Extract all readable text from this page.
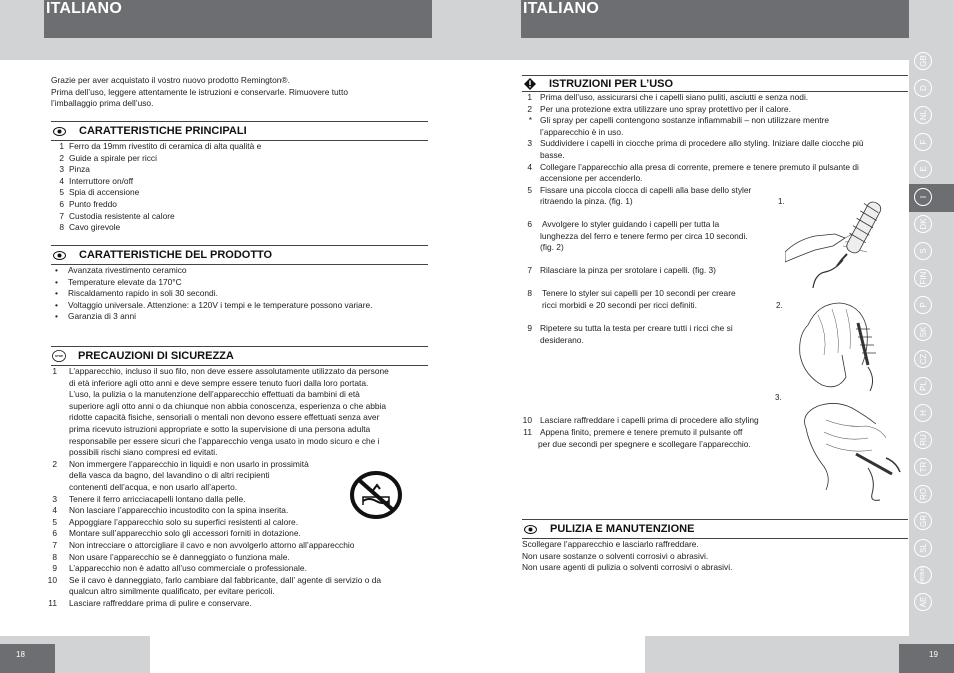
ITALIANO	ITALIANO
18	19
GB
D
NL
F
E
I
DK
S
FIN
P
SK
CZ
PL
H
RU
TR
RO
GR
SL
HR/BiH
AE
Grazie per aver acquistato il vostro nuovo prodotto Remington®.
Prima dell’uso, leggere attentamente le istruzioni e conservarle. Rimuovere tutto
l’imballaggio prima dell’uso.
CARATTERISTICHE PRINCIPALI
1 Ferro da 19mm rivestito di ceramica di alta qualità e
2 Guide a spirale per ricci
3 Pinza
4 Interruttore on/off
5 Spia di accensione
6 Punto freddo
7 Custodia resistente al calore
8 Cavo girevole
CARATTERISTICHE DEL PRODOTTO
• Avanzata rivestimento ceramico
• Temperature elevate da 170°C
• Riscaldamento rapido in soli 30 secondi.
• Voltaggio universale. Attenzione: a 120V i tempi e le temperature possono variare.
• Garanzia di 3 anni
STOP PRECAUZIONI DI SICUREZZA
1 L’apparecchio, incluso il suo filo, non deve essere assolutamente utilizzato da persone
di età inferiore agli otto anni e deve sempre essere tenuto fuori dalla loro portata.
L’uso, la pulizia o la manutenzione dell’apparecchio effettuati da bambini di età
superiore agli otto anni o da chiunque non abbia conoscenza, esperienza o che abbia
ridotte capacità fisiche, sensoriali o mentali non devono essere effettuati senza aver
prima ricevuto istruzioni appropriate e sotto la supervisione di una persona adulta
responsabile per essere sicuri che l’apparecchio venga usato in modo sicuro e che i
possibili rischi siano compresi ed evitati.
2 Non immergere l’apparecchio in liquidi e non usarlo in prossimità
della vasca da bagno, del lavandino o di altri recipienti
contenenti dell’acqua, e non usarlo all’aperto.
3 Tenere il ferro arricciacapelli lontano dalla pelle.
4 Non lasciare l’apparecchio incustodito con la spina inserita.
5 Appoggiare l’apparecchio solo su superfici resistenti al calore.
6 Montare sull’apparecchio solo gli accessori forniti in dotazione.
7 Non intrecciare o attorcigliare il cavo e non avvolgerlo attorno all’apparecchio
8 Non usare l’apparecchio se è danneggiato o funziona male.
9 L’apparecchio non è adatto all’uso commerciale o professionale.
10 Se il cavo è danneggiato, farlo cambiare dal fabbricante, dall’ agente di servizio o da
qualcun altro similmente qualificato, per evitare pericoli.
11 Lasciare raffreddare prima di pulire e conservare.
ISTRUZIONI PER L’USO
1 Prima dell’uso, assicurarsi che i capelli siano puliti, asciutti e senza nodi.
2 Per una protezione extra utilizzare uno spray protettivo per il calore.
* Gli spray per capelli contengono sostanze infiammabili – non utilizzare mentre
l’apparecchio è in uso.
3 Suddividere i capelli in ciocche prima di procedere allo styling. Iniziare dalle ciocche più
basse.
4 Collegare l’apparecchio alla presa di corrente, premere e tenere premuto il pulsante di
accensione per accenderlo.
5 Fissare una piccola ciocca di capelli alla base dello styler
ritraendo la pinza. (fig. 1)
6 Avvolgere lo styler guidando i capelli per tutta la
lunghezza del ferro e tenere fermo per circa 10 secondi.
(fig. 2)
7 Rilasciare la pinza per srotolare i capelli. (fig. 3)
8 Tenere lo styler sui capelli per 10 secondi per creare
ricci morbidi e 20 secondi per ricci definiti.
9 Ripetere su tutta la testa per creare tutti i ricci che si
desiderano.
10 Lasciare raffreddare i capelli prima di procedere allo styling
11 Appena finito, premere e tenere premuto il pulsante off
per due secondi per spegnere e scollegare l’apparecchio.
1.
2.
3.
PULIZIA E MANUTENZIONE
Scollegare l’apparecchio e lasciarlo raffreddare.
Non usare sostanze o solventi corrosivi o abrasivi.
Non usare agenti di pulizia o solventi corrosivi o abrasivi.
